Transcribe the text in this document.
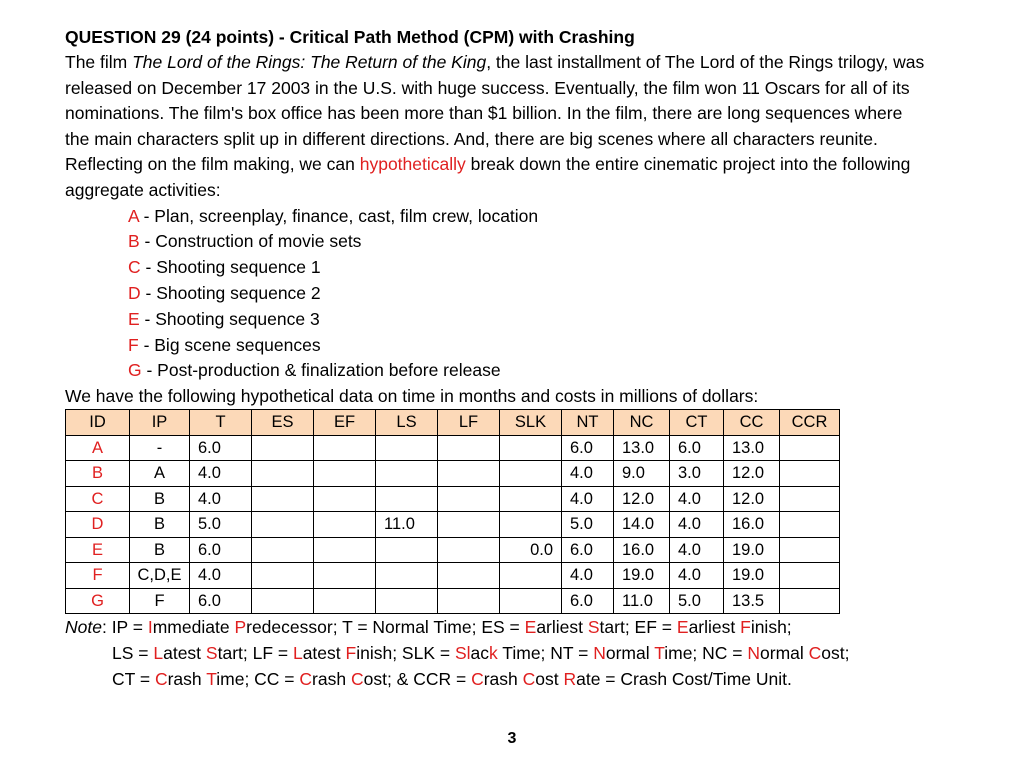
QUESTION 29 (24 points) - Critical Path Method (CPM) with Crashing
The film The Lord of the Rings: The Return of the King, the last installment of The Lord of the Rings trilogy, was released on December 17 2003 in the U.S. with huge success. Eventually, the film won 11 Oscars for all of its nominations. The film's box office has been more than $1 billion. In the film, there are long sequences where the main characters split up in different directions. And, there are big scenes where all characters reunite. Reflecting on the film making, we can hypothetically break down the entire cinematic project into the following aggregate activities:
A - Plan, screenplay, finance, cast, film crew, location
B - Construction of movie sets
C - Shooting sequence 1
D - Shooting sequence 2
E - Shooting sequence 3
F - Big scene sequences
G - Post-production & finalization before release
We have the following hypothetical data on time in months and costs in millions of dollars:
ID	IP	T	ES	EF	LS	LF	SLK	NT	NC	CT	CC	CCR
A	-	6.0						6.0	13.0	6.0	13.0	
B	A	4.0						4.0	9.0	3.0	12.0	
C	B	4.0						4.0	12.0	4.0	12.0	
D	B	5.0			11.0			5.0	14.0	4.0	16.0	
E	B	6.0					0.0	6.0	16.0	4.0	19.0	
F	C,D,E	4.0						4.0	19.0	4.0	19.0	
G	F	6.0						6.0	11.0	5.0	13.5	
Note: IP = Immediate Predecessor; T = Normal Time; ES = Earliest Start; EF = Earliest Finish;
LS = Latest Start; LF = Latest Finish; SLK = Slack Time; NT = Normal Time; NC = Normal Cost;
CT = Crash Time; CC = Crash Cost; & CCR = Crash Cost Rate = Crash Cost/Time Unit.
3
